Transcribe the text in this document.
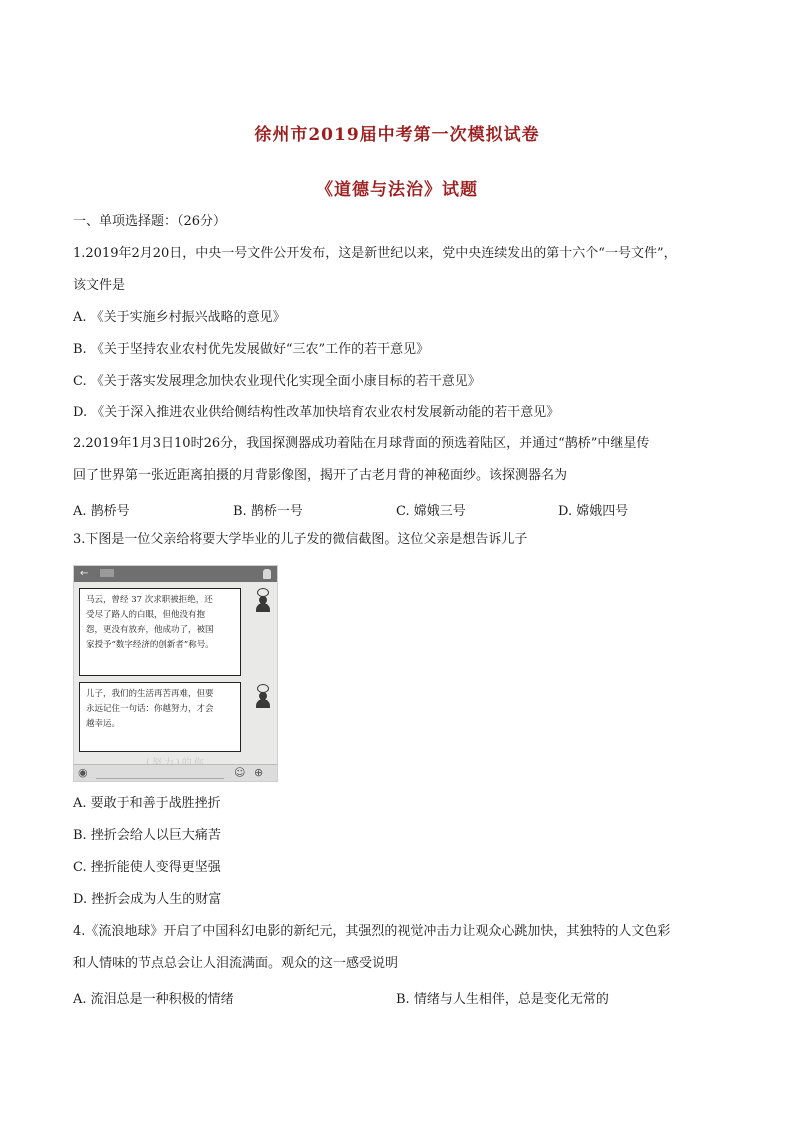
徐州市2019届中考第一次模拟试卷
《道德与法治》试题
一、单项选择题：（26分）
1.2019年2月20日，中央一号文件公开发布，这是新世纪以来，党中央连续发出的第十六个“一号文件”，
该文件是
A. 《关于实施乡村振兴战略的意见》
B. 《关于坚持农业农村优先发展做好“三农”工作的若干意见》
C. 《关于落实发展理念加快农业现代化实现全面小康目标的若干意见》
D. 《关于深入推进农业供给侧结构性改革加快培育农业农村发展新动能的若干意见》
2.2019年1月3日10时26分，我国探测器成功着陆在月球背面的预选着陆区，并通过“鹊桥”中继星传
回了世界第一张近距离拍摄的月背影像图，揭开了古老月背的神秘面纱。该探测器名为
A. 鹊桥号	B. 鹊桥一号	C. 嫦娥三号	D. 嫦娥四号
3.下图是一位父亲给将要大学毕业的儿子发的微信截图。这位父亲是想告诉儿子
←
马云，曾经 37 次求职被拒绝，还
受尽了路人的白眼，但他没有抱
怨，更没有放弃，他成功了，被国
家授予“数字经济的创新者”称号。
儿子，我们的生活再苦再难，但要
永远记住一句话：你越努力，才会
越幸运。
◉	☺ ⊕
A. 要敢于和善于战胜挫折
B. 挫折会给人以巨大痛苦
C. 挫折能使人变得更坚强
D. 挫折会成为人生的财富
4.《流浪地球》开启了中国科幻电影的新纪元，其强烈的视觉冲击力让观众心跳加快，其独特的人文色彩
和人情味的节点总会让人泪流满面。观众的这一感受说明
A. 流泪总是一种积极的情绪	B. 情绪与人生相伴，总是变化无常的
